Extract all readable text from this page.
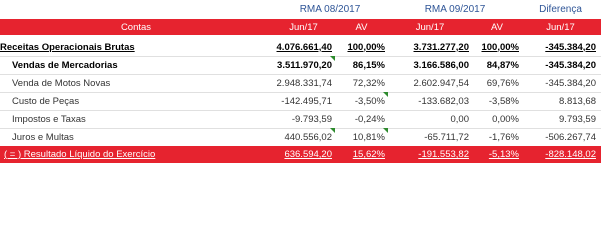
RMA 08/2017	RMA 09/2017	Diferença
Contas	Jun/17	AV	Jun/17	AV	Jun/17
Receitas Operacionais Brutas	4.076.661,40 100,00%	3.731.277,20 100,00%	-345.384,20
Vendas de Mercadorias	3.511.970,20	86,15%	3.166.586,00	84,87%	-345.384,20
Venda de Motos Novas	2.948.331,74	72,32%	2.602.947,54	69,76%	-345.384,20
Custo de Peças	-142.495,71	-3,50%	-133.682,03	-3,58%	8.813,68
Impostos e Taxas	-9.793,59	-0,24%	0,00	0,00%	9.793,59
Juros e Multas	440.556,02	10,81%	-65.711,72	-1,76%	-506.267,74
( = ) Resultado Líquido do Exercício	636.594,20 15,62%	-191.553,82 -5,13%	-828.148,02
